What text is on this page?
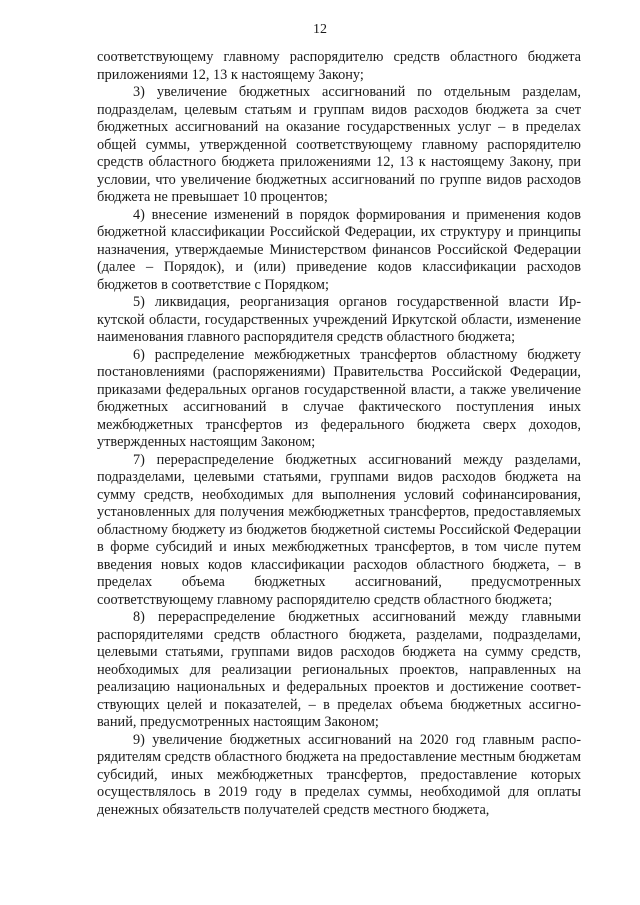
12

соответствующему главному распорядителю средств областного бюджета приложениями 12, 13 к настоящему Закону;

3) увеличение бюджетных ассигнований по отдельным разделам, подразделам, целевым статьям и группам видов расходов бюджета за счет бюджетных ассигнований на оказание государственных услуг – в пределах общей суммы, утвержденной соответствующему главному распорядителю средств областного бюджета приложениями 12, 13 к настоящему Закону, при условии, что увеличение бюджетных ассигнований по группе видов расходов бюджета не превышает 10 процентов;

4) внесение изменений в порядок формирования и применения кодов бюджетной классификации Российской Федерации, их структуру и принципы назначения, утверждаемые Министерством финансов Российской Федерации (далее – Порядок), и (или) приведение кодов классификации расходов бюджетов в соответствие с Порядком;

5) ликвидация, реорганизация органов государственной власти Иркутской области, государственных учреждений Иркутской области, изменение наименования главного распорядителя средств областного бюджета;

6) распределение межбюджетных трансфертов областному бюджету постановлениями (распоряжениями) Правительства Российской Федерации, приказами федеральных органов государственной власти, а также увеличение бюджетных ассигнований в случае фактического поступления иных межбюджетных трансфертов из федерального бюджета сверх доходов, утвержденных настоящим Законом;

7) перераспределение бюджетных ассигнований между разделами, подразделами, целевыми статьями, группами видов расходов бюджета на сумму средств, необходимых для выполнения условий софинансирования, установленных для получения межбюджетных трансфертов, предоставляемых областному бюджету из бюджетов бюджетной системы Российской Федерации в форме субсидий и иных межбюджетных трансфертов, в том числе путем введения новых кодов классификации расходов областного бюджета, – в пределах объема бюджетных ассигнований, предусмотренных соответствующему главному распорядителю средств областного бюджета;

8) перераспределение бюджетных ассигнований между главными распорядителями средств областного бюджета, разделами, подразделами, целевыми статьями, группами видов расходов бюджета на сумму средств, необходимых для реализации региональных проектов, направленных на реализацию национальных и федеральных проектов и достижение соответствующих целей и показателей, – в пределах объема бюджетных ассигнований, предусмотренных настоящим Законом;

9) увеличение бюджетных ассигнований на 2020 год главным распорядителям средств областного бюджета на предоставление местным бюджетам субсидий, иных межбюджетных трансфертов, предоставление которых осуществлялось в 2019 году в пределах суммы, необходимой для оплаты денежных обязательств получателей средств местного бюджета,
